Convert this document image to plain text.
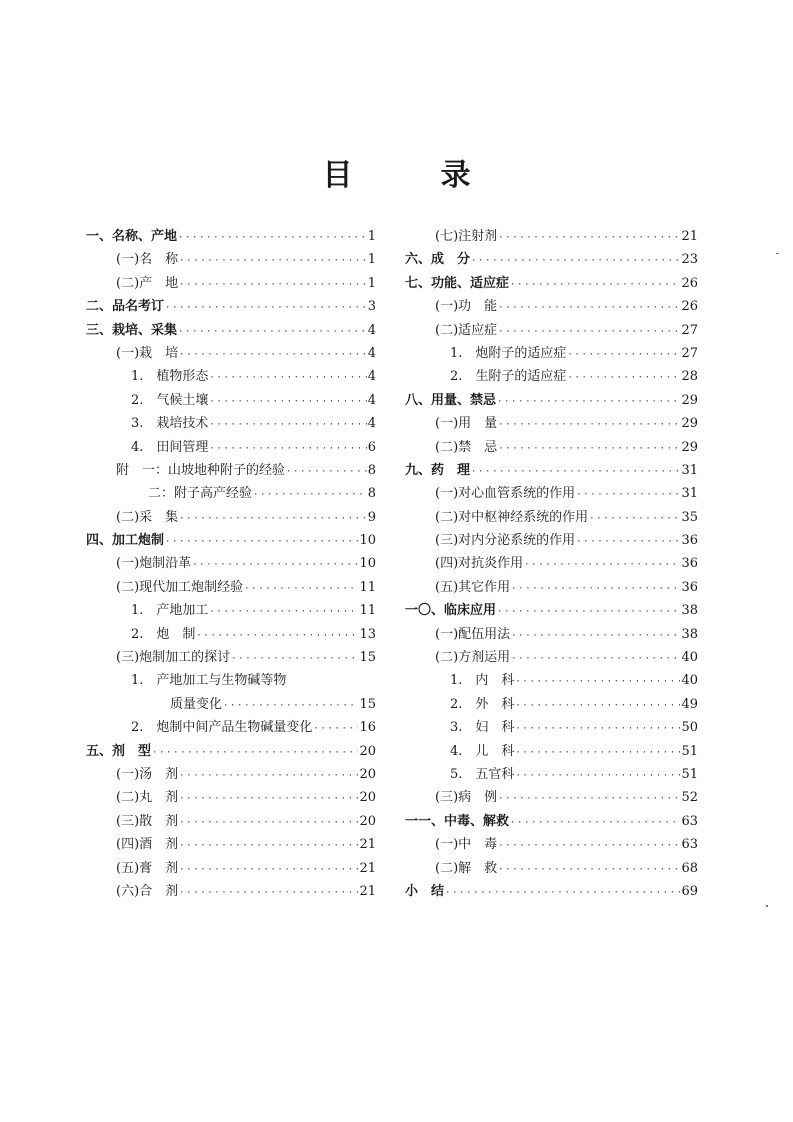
目	录
一、名称、产地 ·····	1
(一)名　称 ·····	1
(二)产　地 ·····	1
二、品名考订 ·····	3
三、栽培、采集 ·····	4
(一)栽　培 ·····	4
1.　植物形态 ·····	4
2.　气候土壤 ·····	4
3.　栽培技术 ·····	4
4.　田间管理 ·····	6
附　一：山坡地种附子的经验 ·····	8
二：附子高产经验 ·····	8
(二)采　集 ·····	9
四、加工炮制 ·····	10
(一)炮制沿革 ·····	10
(二)现代加工炮制经验 ·····	11
1.　产地加工 ·····	11
2.　炮　制 ·····	13
(三)炮制加工的探讨 ·····	15
1.　产地加工与生物碱等物
质量变化 ·····	15
2.　炮制中间产品生物碱量变化 ·····	16
五、剂　型 ·····	20
(一)汤　剂 ·····	20
(二)丸　剂 ·····	20
(三)散　剂 ·····	20
(四)酒　剂 ·····	21
(五)膏　剂 ·····	21
(六)合　剂 ·····	21
(七)注射剂 ·····	21
六、成　分 ·····	23
七、功能、适应症 ·····	26
(一)功　能 ·····	26
(二)适应症 ·····	27
1.　炮附子的适应症 ·····	27
2.　生附子的适应症 ·····	28
八、用量、禁忌 ·····	29
(一)用　量 ·····	29
(二)禁　忌 ·····	29
九、药　理 ·····	31
(一)对心血管系统的作用 ·····	31
(二)对中枢神经系统的作用 ·····	35
(三)对内分泌系统的作用 ·····	36
(四)对抗炎作用 ·····	36
(五)其它作用 ·····	36
一〇、临床应用 ·····	38
(一)配伍用法 ·····	38
(二)方剂运用 ·····	40
1.　内　科 ·····	40
2.　外　科 ·····	49
3.　妇　科 ·····	50
4.　儿　科 ·····	51
5.　五官科 ·····	51
(三)病　例 ·····	52
一一、中毒、解救 ·····	63
(一)中　毒 ·····	63
(二)解　救 ·····	68
小　结 ·····	69
